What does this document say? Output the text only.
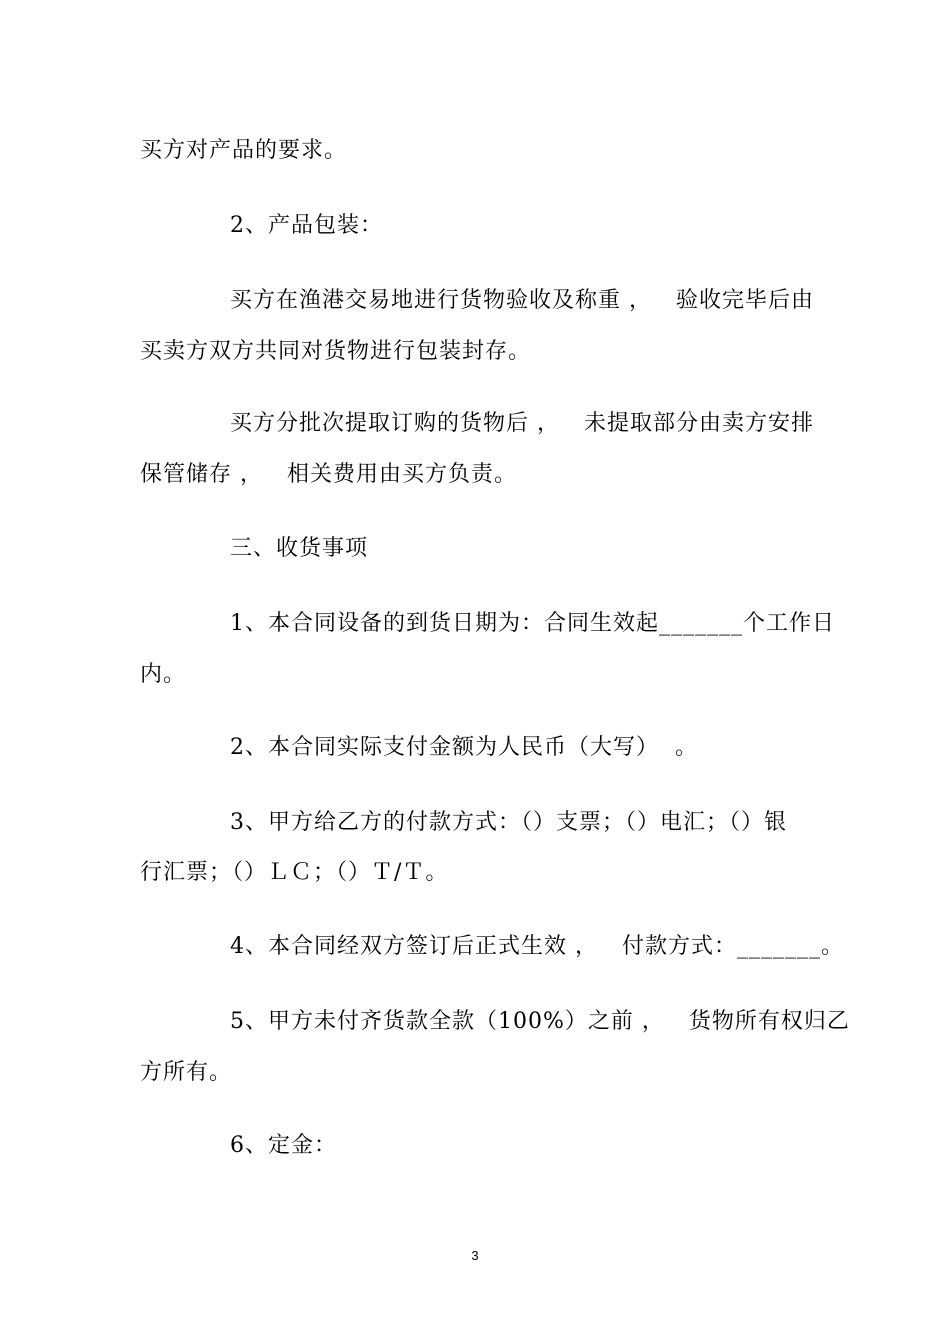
买方对产品的要求。
2、产品包装：
买方在渔港交易地进行货物验收及称重 ，   验收完毕后由
买卖方双方共同对货物进行包装封存。
买方分批次提取订购的货物后 ，   未提取部分由卖方安排
保管储存 ，   相关费用由买方负责。
三、收货事项
1、本合同设备的到货日期为：合同生效起_______个工作日
内。
2、本合同实际支付金额为人民币（大写）  。
3、甲方给乙方的付款方式：（）支票；（）电汇；（）银
行汇票；（）ＬＣ；（）Ｔ/Ｔ。
4、本合同经双方签订后正式生效 ，   付款方式：_______。
5、甲方未付齐货款全款（100%）之前 ，   货物所有权归乙
方所有。
6、定金：
3
